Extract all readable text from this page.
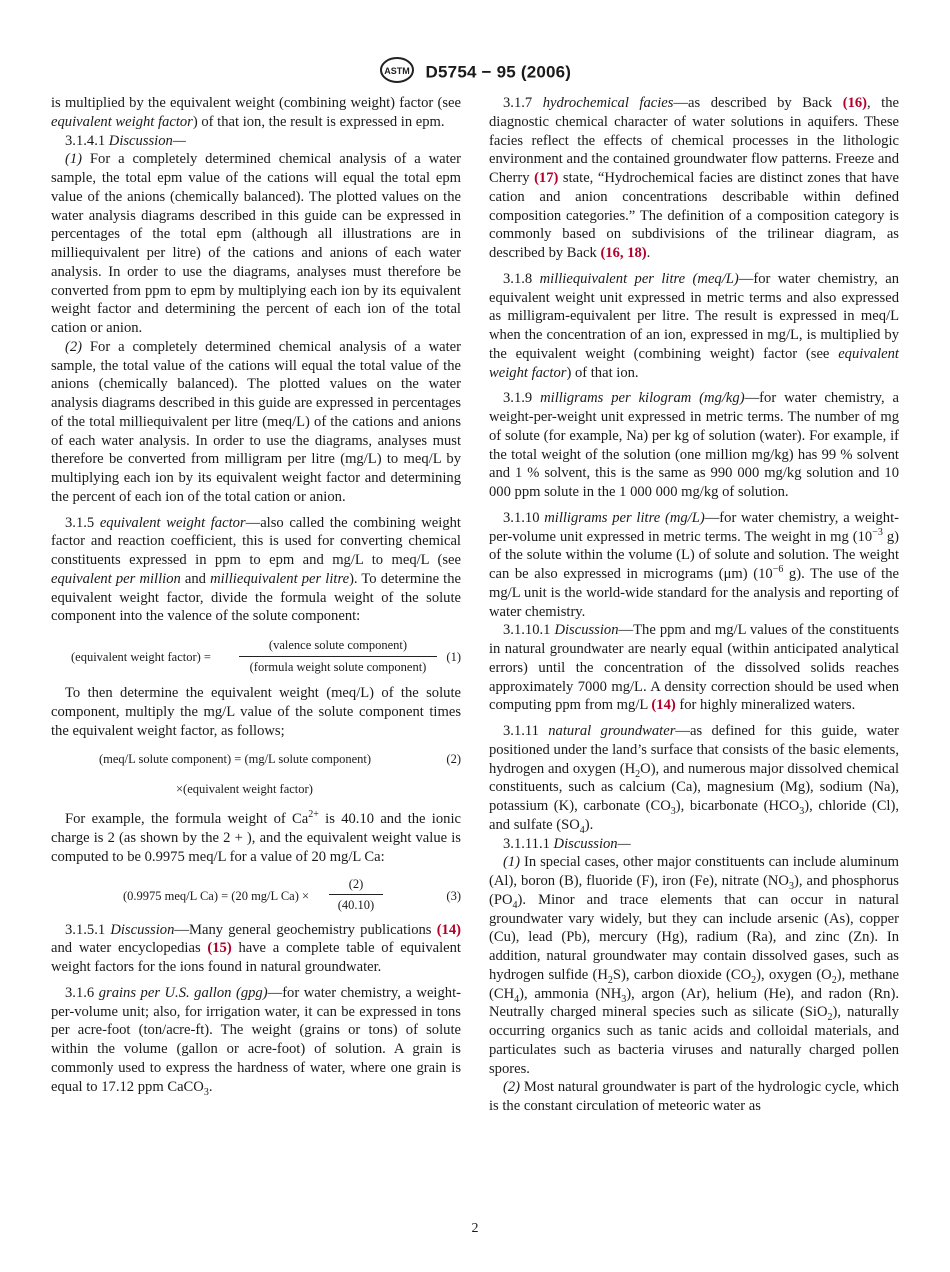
ASTM D5754 − 95 (2006)

is multiplied by the equivalent weight (combining weight) factor (see equivalent weight factor) of that ion, the result is expressed in epm.

3.1.4.1 Discussion—

(1) For a completely determined chemical analysis of a water sample, the total epm value of the cations will equal the total epm value of the anions (chemically balanced). The plotted values on the water analysis diagrams described in this guide can be expressed in percentages of the total epm (although all illustrations are in milliequivalent per litre) of the cations and anions of each water analysis. In order to use the diagrams, analyses must therefore be converted from ppm to epm by multiplying each ion by its equivalent weight factor and determining the percent of each ion of the total cation or anion.

(2) For a completely determined chemical analysis of a water sample, the total value of the cations will equal the total value of the anions (chemically balanced). The plotted values on the water analysis diagrams described in this guide are expressed in percentages of the total milliequivalent per litre (meq/L) of the cations and anions of each water analysis. In order to use the diagrams, analyses must therefore be converted from milligram per litre (mg/L) to meq/L by multiplying each ion by its equivalent weight factor and determining the percent of each ion of the total cation or anion.

3.1.5 equivalent weight factor—also called the combining weight factor and reaction coefficient, this is used for converting chemical constituents expressed in ppm to epm and mg/L to meq/L (see equivalent per million and milliequivalent per litre). To determine the equivalent weight factor, divide the formula weight of the solute component into the valence of the solute component:

(equivalent weight factor) =
(valence solute component)
(formula weight solute component)
(1)

To then determine the equivalent weight (meq/L) of the solute component, multiply the mg/L value of the solute component times the equivalent weight factor, as follows;

(meq/L solute component) = (mg/L solute component)	(2)
×(equivalent weight factor)

For example, the formula weight of $Ca^{2+}$ is 40.10 and the ionic charge is 2 (as shown by the 2 + ), and the equivalent weight value is computed to be 0.9975 meq/L for a value of 20 mg/L Ca:

(0.9975 meq/L Ca) = (20 mg/L $Ca) \times \frac{(2)}{(40.10)}$	(3)

3.1.5.1 Discussion—Many general geochemistry publications (14) and water encyclopedias (15) have a complete table of equivalent weight factors for the ions found in natural groundwater.

3.1.6 grains per U.S. gallon (gpg)—for water chemistry, a weight-per-volume unit; also, for irrigation water, it can be expressed in tons per acre-foot (ton/acre-ft). The weight (grains or tons) of solute within the volume (gallon or acre-foot) of solution. A grain is commonly used to express the hardness of water, where one grain is equal to 17.12 ppm CaCO$_3$.

3.1.7 hydrochemical facies—as described by Back (16), the diagnostic chemical character of water solutions in aquifers. These facies reflect the effects of chemical processes in the lithologic environment and the contained groundwater flow patterns. Freeze and Cherry (17) state, “Hydrochemical facies are distinct zones that have cation and anion concentrations describable within defined composition categories.” The definition of a composition category is commonly based on subdivisions of the trilinear diagram, as described by Back (16, 18).

3.1.8 milliequivalent per litre (meq/L)—for water chemistry, an equivalent weight unit expressed in metric terms and also expressed as milligram-equivalent per litre. The result is expressed in meq/L when the concentration of an ion, expressed in mg/L, is multiplied by the equivalent weight (combining weight) factor (see equivalent weight factor) of that ion.

3.1.9 milligrams per kilogram (mg/kg)—for water chemistry, a weight-per-weight unit expressed in metric terms. The number of mg of solute (for example, Na) per kg of solution (water). For example, if the total weight of the solution (one million mg/kg) has 99 % solvent and 1 % solvent, this is the same as 990 000 mg/kg solution and 10 000 ppm solute in the 1 000 000 mg/kg of solution.

3.1.10 milligrams per litre (mg/L)—for water chemistry, a weight-per-volume unit expressed in metric terms. The weight in mg ($10^{-3}$ g) of the solute within the volume (L) of solute and solution. The weight can be also expressed in micrograms (μm) ($10^{-6}$ g). The use of the mg/L unit is the world-wide standard for the analysis and reporting of water chemistry.

3.1.10.1 Discussion—The ppm and mg/L values of the constituents in natural groundwater are nearly equal (within anticipated analytical errors) until the concentration of the dissolved solids reaches approximately 7000 mg/L. A density correction should be used when computing ppm from mg/L (14) for highly mineralized waters.

3.1.11 natural groundwater—as defined for this guide, water positioned under the land’s surface that consists of the basic elements, hydrogen and oxygen $(H_2O)$, and numerous major dissolved chemical constituents, such as calcium (Ca), magnesium (Mg), sodium (Na), potassium (K), carbonate $(CO_3)$, bicarbonate $(HCO_3)$, chloride (Cl), and sulfate $(SO_4)$.

3.1.11.1 Discussion—

(1) In special cases, other major constituents can include aluminum (Al), boron (B), fluoride (F), iron (Fe), nitrate $(NO_3)$, and phosphorus $(PO_4)$. Minor and trace elements that can occur in natural groundwater vary widely, but they can include arsenic (As), copper (Cu), lead (Pb), mercury (Hg), radium (Ra), and zinc (Zn). In addition, natural groundwater may contain dissolved gases, such as hydrogen sulfide $(H_2S)$, carbon dioxide $(CO_2)$, oxygen $(O_2)$, methane $(CH_4)$, ammonia $(NH_3)$, argon (Ar), helium (He), and radon (Rn). Neutrally charged mineral species such as silicate (SiO$_2$), naturally occurring organics such as tanic acids and colloidal materials, and particulates such as bacteria viruses and naturally charged pollen spores.

(2) Most natural groundwater is part of the hydrologic cycle, which is the constant circulation of meteoric water as

2
